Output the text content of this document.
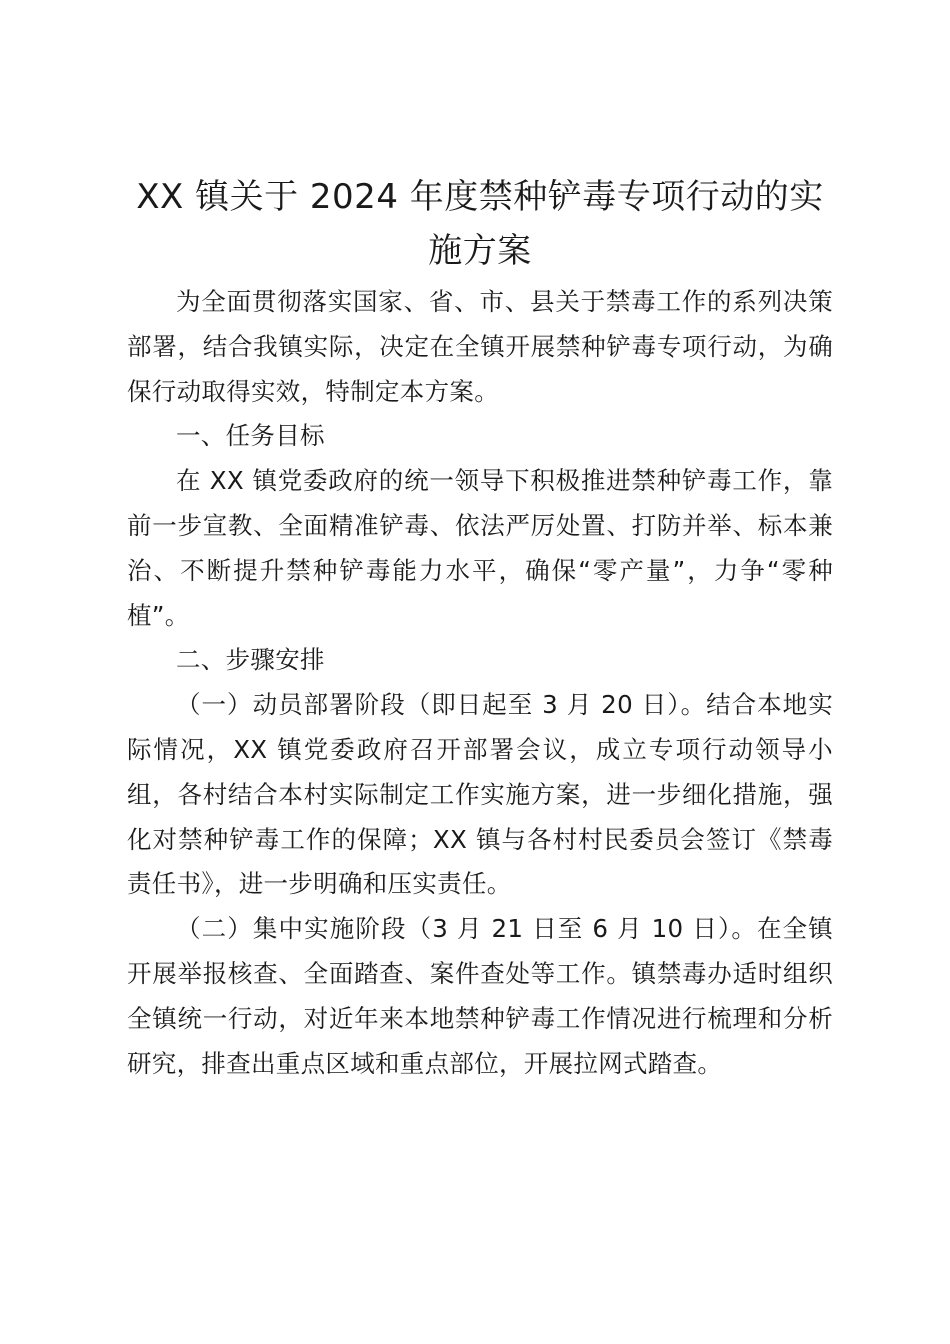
XX 镇关于 2024 年度禁种铲毒专项行动的实施方案

为全面贯彻落实国家、省、市、县关于禁毒工作的系列决策部署，结合我镇实际，决定在全镇开展禁种铲毒专项行动，为确保行动取得实效，特制定本方案。

一、任务目标

在 XX 镇党委政府的统一领导下积极推进禁种铲毒工作，靠前一步宣教、全面精准铲毒、依法严厉处置、打防并举、标本兼治、不断提升禁种铲毒能力水平，确保“零产量”，力争“零种植”。

二、步骤安排

（一）动员部署阶段（即日起至 3 月 20 日）。结合本地实际情况，XX 镇党委政府召开部署会议，成立专项行动领导小组，各村结合本村实际制定工作实施方案，进一步细化措施，强化对禁种铲毒工作的保障；XX 镇与各村村民委员会签订《禁毒责任书》，进一步明确和压实责任。

（二）集中实施阶段（3 月 21 日至 6 月 10 日）。在全镇开展举报核查、全面踏查、案件查处等工作。镇禁毒办适时组织全镇统一行动，对近年来本地禁种铲毒工作情况进行梳理和分析研究，排查出重点区域和重点部位，开展拉网式踏查。
